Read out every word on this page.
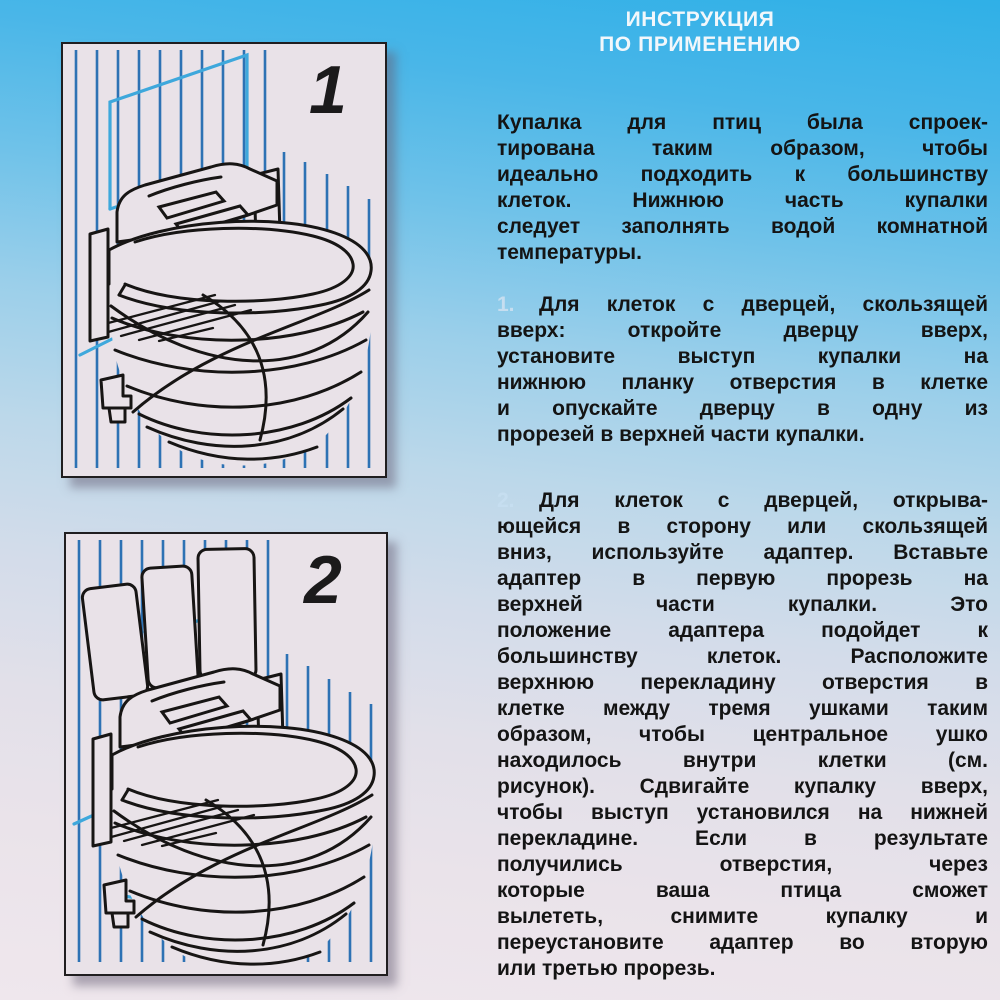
1
2
ИНСТРУКЦИЯ
ПО ПРИМЕНЕНИЮ
Купалка для птиц была спроек-
тирована таким образом, чтобы
идеально подходить к большинству
клеток. Нижнюю часть купалки
следует заполнять водой комнатной
температуры.
1.	Для клеток с дверцей, скользящей
вверх: откройте дверцу вверх,
установите выступ купалки на
нижнюю планку отверстия в клетке
и опускайте дверцу в одну из
прорезей в верхней части купалки.
2.	Для клеток с дверцей, открыва-
ющейся в сторону или скользящей
вниз, используйте адаптер. Вставьте
адаптер в первую прорезь на
верхней части купалки. Это
положение адаптера подойдет к
большинству клеток. Расположите
верхнюю перекладину отверстия в
клетке между тремя ушками таким
образом, чтобы центральное ушко
находилось внутри клетки (см.
рисунок). Сдвигайте купалку вверх,
чтобы выступ установился на нижней
перекладине. Если в результате
получились отверстия, через
которые ваша птица сможет
вылететь, снимите купалку и
переустановите адаптер во вторую
или третью прорезь.
